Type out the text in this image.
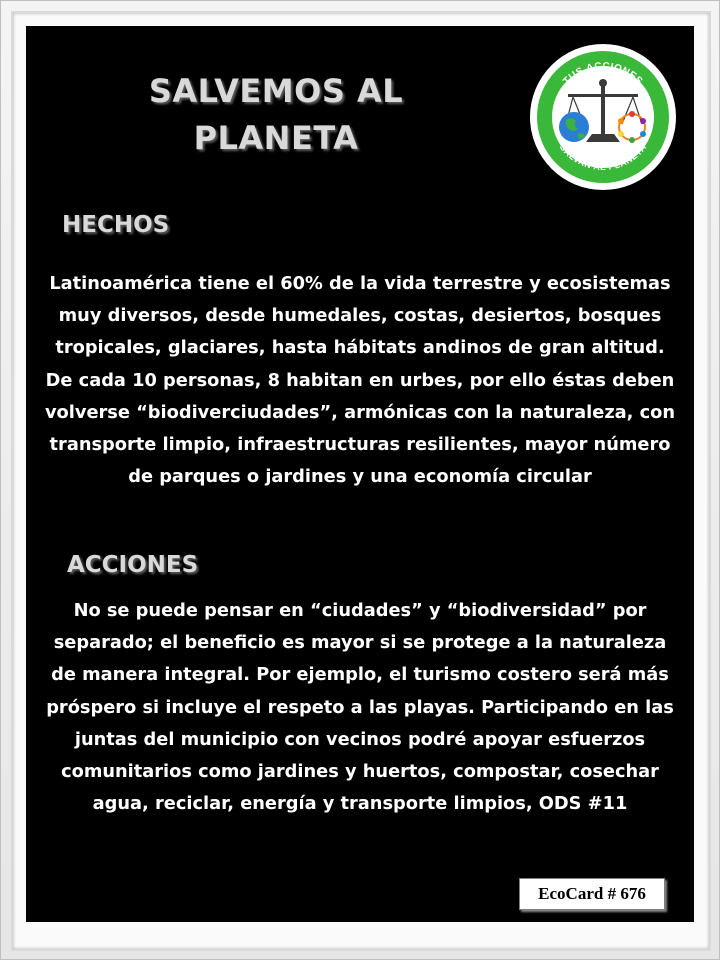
SALVEMOS AL
PLANETA
TUS ACCIONES
SALVAN AL PLANETA
HECHOS
Latinoamérica tiene el 60% de la vida terrestre y ecosistemas muy diversos, desde humedales, costas, desiertos, bosques tropicales, glaciares, hasta hábitats andinos de gran altitud. De cada 10 personas, 8 habitan en urbes, por ello éstas deben volverse “biodiverciudades”, armónicas con la naturaleza, con transporte limpio, infraestructuras resilientes, mayor número de parques o jardines y una economía circular
ACCIONES
No se puede pensar en “ciudades” y “biodiversidad” por separado; el beneficio es mayor si se protege a la naturaleza de manera integral. Por ejemplo, el turismo costero será más próspero si incluye el respeto a las playas. Participando en las juntas del municipio con vecinos podré apoyar esfuerzos comunitarios como jardines y huertos, compostar, cosechar agua, reciclar, energía y transporte limpios, ODS #11
EcoCard # 676
